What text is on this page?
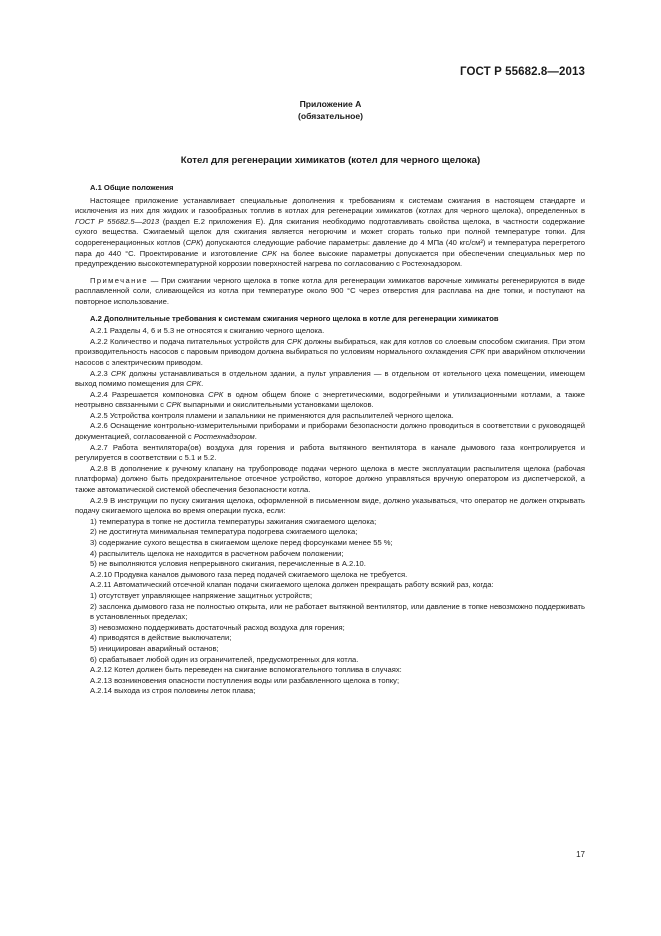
ГОСТ Р 55682.8—2013
Приложение А
(обязательное)
Котел для регенерации химикатов (котел для черного щелока)

А.1 Общие положения

Настоящее приложение устанавливает специальные дополнения к требованиям к системам сжигания в настоящем стандарте и исключения из них для жидких и газообразных топлив в котлах для регенерации химикатов (котлах для черного щелока), определенных в ГОСТ Р 55682.5—2013 (раздел Е.2 приложения Е). Для сжигания необходимо подготавливать свойства щелока, в частности содержание сухого вещества. Сжигаемый щелок для сжигания является негорючим и может сгорать только при полной температуре топки. Для содорегенерационных котлов (СРК) допускаются следующие рабочие параметры: давление до 4 МПа (40 кгс/см²) и температура перегретого пара до 440 °С. Проектирование и изготовление СРК на более высокие параметры допускается при обеспечении специальных мер по предупреждению высокотемпературной коррозии поверхностей нагрева по согласованию с Ростехнадзором.

Примечание — При сжигании черного щелока в топке котла для регенерации химикатов варочные химикаты регенерируются в виде расплавленной соли, сливающейся из котла при температуре около 900 °С через отверстия для расплава на дне топки, и поступают на повторное использование.

А.2 Дополнительные требования к системам сжигания черного щелока в котле для регенерации химикатов

А.2.1 Разделы 4, 6 и 5.3 не относятся к сжиганию черного щелока.

А.2.2 Количество и подача питательных устройств для СРК должны выбираться, как для котлов со слоевым способом сжигания. При этом производительность насосов с паровым приводом должна выбираться по условиям нормального охлаждения СРК при аварийном отключении насосов с электрическим приводом.

А.2.3 СРК должны устанавливаться в отдельном здании, а пульт управления — в отдельном от котельного цеха помещении, имеющем выход помимо помещения для СРК.

А.2.4 Разрешается компоновка СРК в одном общем блоке с энергетическими, водогрейными и утилизационными котлами, а также неотрывно связанными с СРК выпарными и окислительными установками щелоков.

А.2.5 Устройства контроля пламени и запальники не применяются для распылителей черного щелока.

А.2.6 Оснащение контрольно-измерительными приборами и приборами безопасности должно проводиться в соответствии с руководящей документацией, согласованной с Ростехнадзором.

А.2.7 Работа вентилятора(ов) воздуха для горения и работа вытяжного вентилятора в канале дымового газа контролируется и регулируется в соответствии с 5.1 и 5.2.

А.2.8 В дополнение к ручному клапану на трубопроводе подачи черного щелока в месте эксплуатации распылителя щелока (рабочая платформа) должно быть предохранительное отсечное устройство, которое должно управляться вручную оператором из диспетчерской, а также автоматической системой обеспечения безопасности котла.

А.2.9 В инструкции по пуску сжигания щелока, оформленной в письменном виде, должно указываться, что оператор не должен открывать подачу сжигаемого щелока во время операции пуска, если:

1) температура в топке не достигла температуры зажигания сжигаемого щелока;

2) не достигнута минимальная температура подогрева сжигаемого щелока;

3) содержание сухого вещества в сжигаемом щелоке перед форсунками менее 55 %;

4) распылитель щелока не находится в расчетном рабочем положении;

5) не выполняются условия непрерывного сжигания, перечисленные в А.2.10.

А.2.10 Продувка каналов дымового газа перед подачей сжигаемого щелока не требуется.

А.2.11 Автоматический отсечной клапан подачи сжигаемого щелока должен прекращать работу всякий раз, когда:

1) отсутствует управляющее напряжение защитных устройств;

2) заслонка дымового газа не полностью открыта, или не работает вытяжной вентилятор, или давление в топке невозможно поддерживать в установленных пределах;

3) невозможно поддерживать достаточный расход воздуха для горения;

4) приводятся в действие выключатели;

5) инициирован аварийный останов;

6) срабатывает любой один из ограничителей, предусмотренных для котла.

А.2.12 Котел должен быть переведен на сжигание вспомогательного топлива в случаях:

А.2.13 возникновения опасности поступления воды или разбавленного щелока в топку;

А.2.14 выхода из строя половины леток плава;

17
